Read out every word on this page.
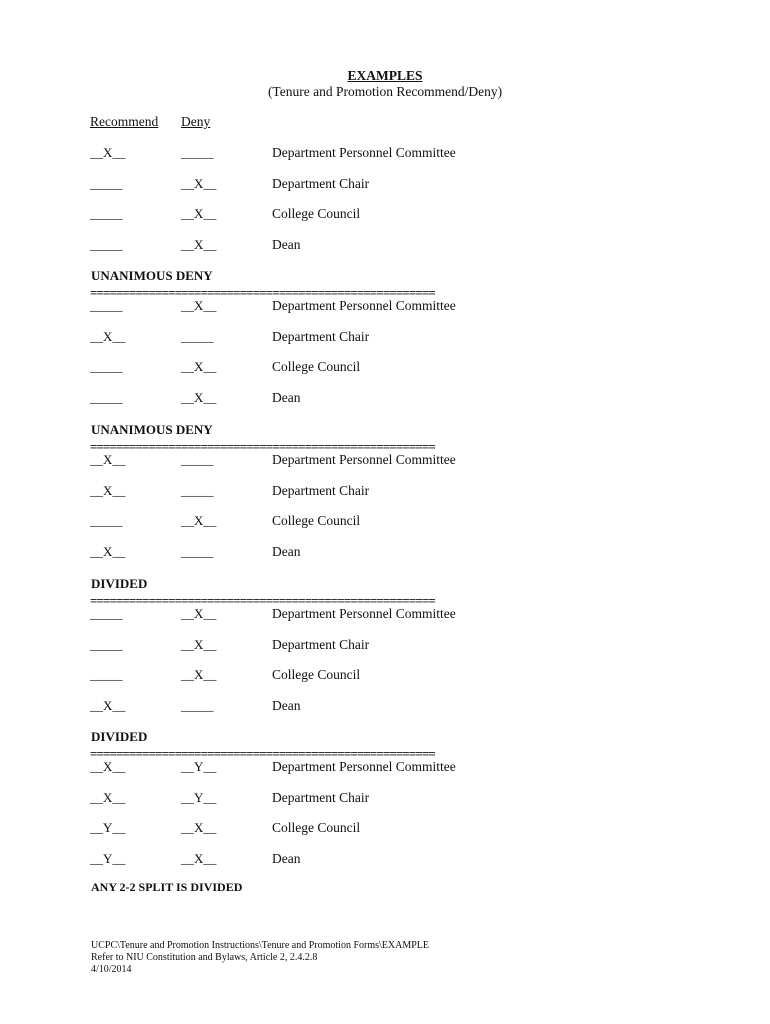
EXAMPLES
(Tenure and Promotion Recommend/Deny)
Recommend Deny
__X__	_____	Department Personnel Committee
_____	__X__	Department Chair
_____	__X__	College Council
_____	__X__	Dean
UNANIMOUS DENY
=====================================================
_____	__X__	Department Personnel Committee
__X__	_____	Department Chair
_____	__X__	College Council
_____	__X__	Dean
UNANIMOUS DENY
=====================================================
__X__	_____	Department Personnel Committee
__X__	_____	Department Chair
_____	__X__	College Council
__X__	_____	Dean
DIVIDED
=====================================================
_____	__X__	Department Personnel Committee
_____	__X__	Department Chair
_____	__X__	College Council
__X__	_____	Dean
DIVIDED
=====================================================
__X__	__Y__	Department Personnel Committee
__X__	__Y__	Department Chair
__Y__	__X__	College Council
__Y__	__X__	Dean
ANY 2-2 SPLIT IS DIVIDED
UCPC\Tenure and Promotion Instructions\Tenure and Promotion Forms\EXAMPLE
Refer to NIU Constitution and Bylaws, Article 2, 2.4.2.8
4/10/2014
